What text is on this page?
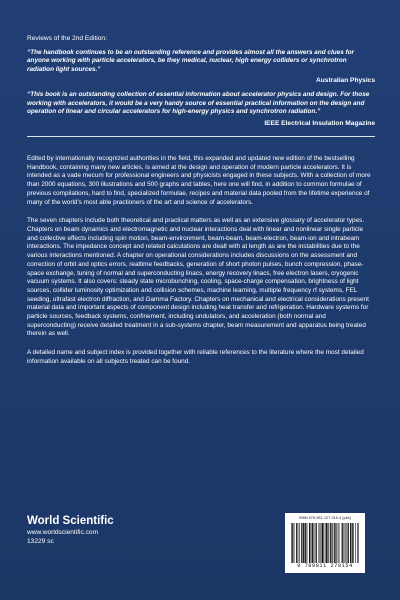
Reviews of the 2nd Edition:

“The handbook continues to be an outstanding reference and provides almost all the answers and clues for anyone working with particle accelerators, be they medical, nuclear, high energy colliders or synchrotron radiation light sources.”

Australian Physics

“This book is an outstanding collection of essential information about accelerator physics and design. For those working with accelerators, it would be a very handy source of essential practical information on the design and operation of linear and circular accelerators for high-energy physics and synchrotron radiation.”

IEEE Electrical Insulation Magazine

Edited by internationally recognized authorities in the field, this expanded and updated new edition of the bestselling Handbook, containing many new articles, is aimed at the design and operation of modern particle accelerators. It is intended as a vade mecum for professional engineers and physicists engaged in these subjects. With a collection of more than 2000 equations, 300 illustrations and 500 graphs and tables, here one will find, in addition to common formulae of previous compilations, hard to find, specialized formulae, recipes and material data pooled from the lifetime experience of many of the world's most able practioners of the art and science of accelerators.

The seven chapters include both theoretical and practical matters as well as an extensive glossary of accelerator types. Chapters on beam dynamics and electromagnetic and nuclear interactions deal with linear and nonlinear single particle and collective effects including spin motion, beam-environment, beam-beam, beam-electron, beam-ion and intrabeam interactions. The impedance concept and related calculations are dealt with at length as are the instabilities due to the various interactions mentioned. A chapter on operational considerations includes discussions on the assessment and correction of orbit and optics errors, realtime feedbacks, generation of short photon pulses, bunch compression, phase-space exchange, tuning of normal and superconducting linacs, energy recovery linacs, free electron lasers, cryogenic vacuum systems. It also covers: steady state microbunching, cooling, space-charge compensation, brightness of light sources, collider luminosity optimization and collision schemes, machine learning, multiple frequency rf systems, FEL seeding, ultrafast electron diffraction, and Gamma Factory. Chapters on mechanical and electrical considerations present material data and important aspects of component design including heat transfer and refrigeration. Hardware systems for particle sources, feedback systems, confinement, including undulators, and acceleration (both normal and superconducting) receive detailed treatment in a sub-systems chapter, beam measurement and apparatus being treated therein as well.

A detailed name and subject index is provided together with reliable references to the literature where the most detailed information available on all subjects treated can be found.

World Scientific

www.worldscientific.com

13229 sc

ISBN 978-981-127-015-4 (pbk)
9 789811 270154
